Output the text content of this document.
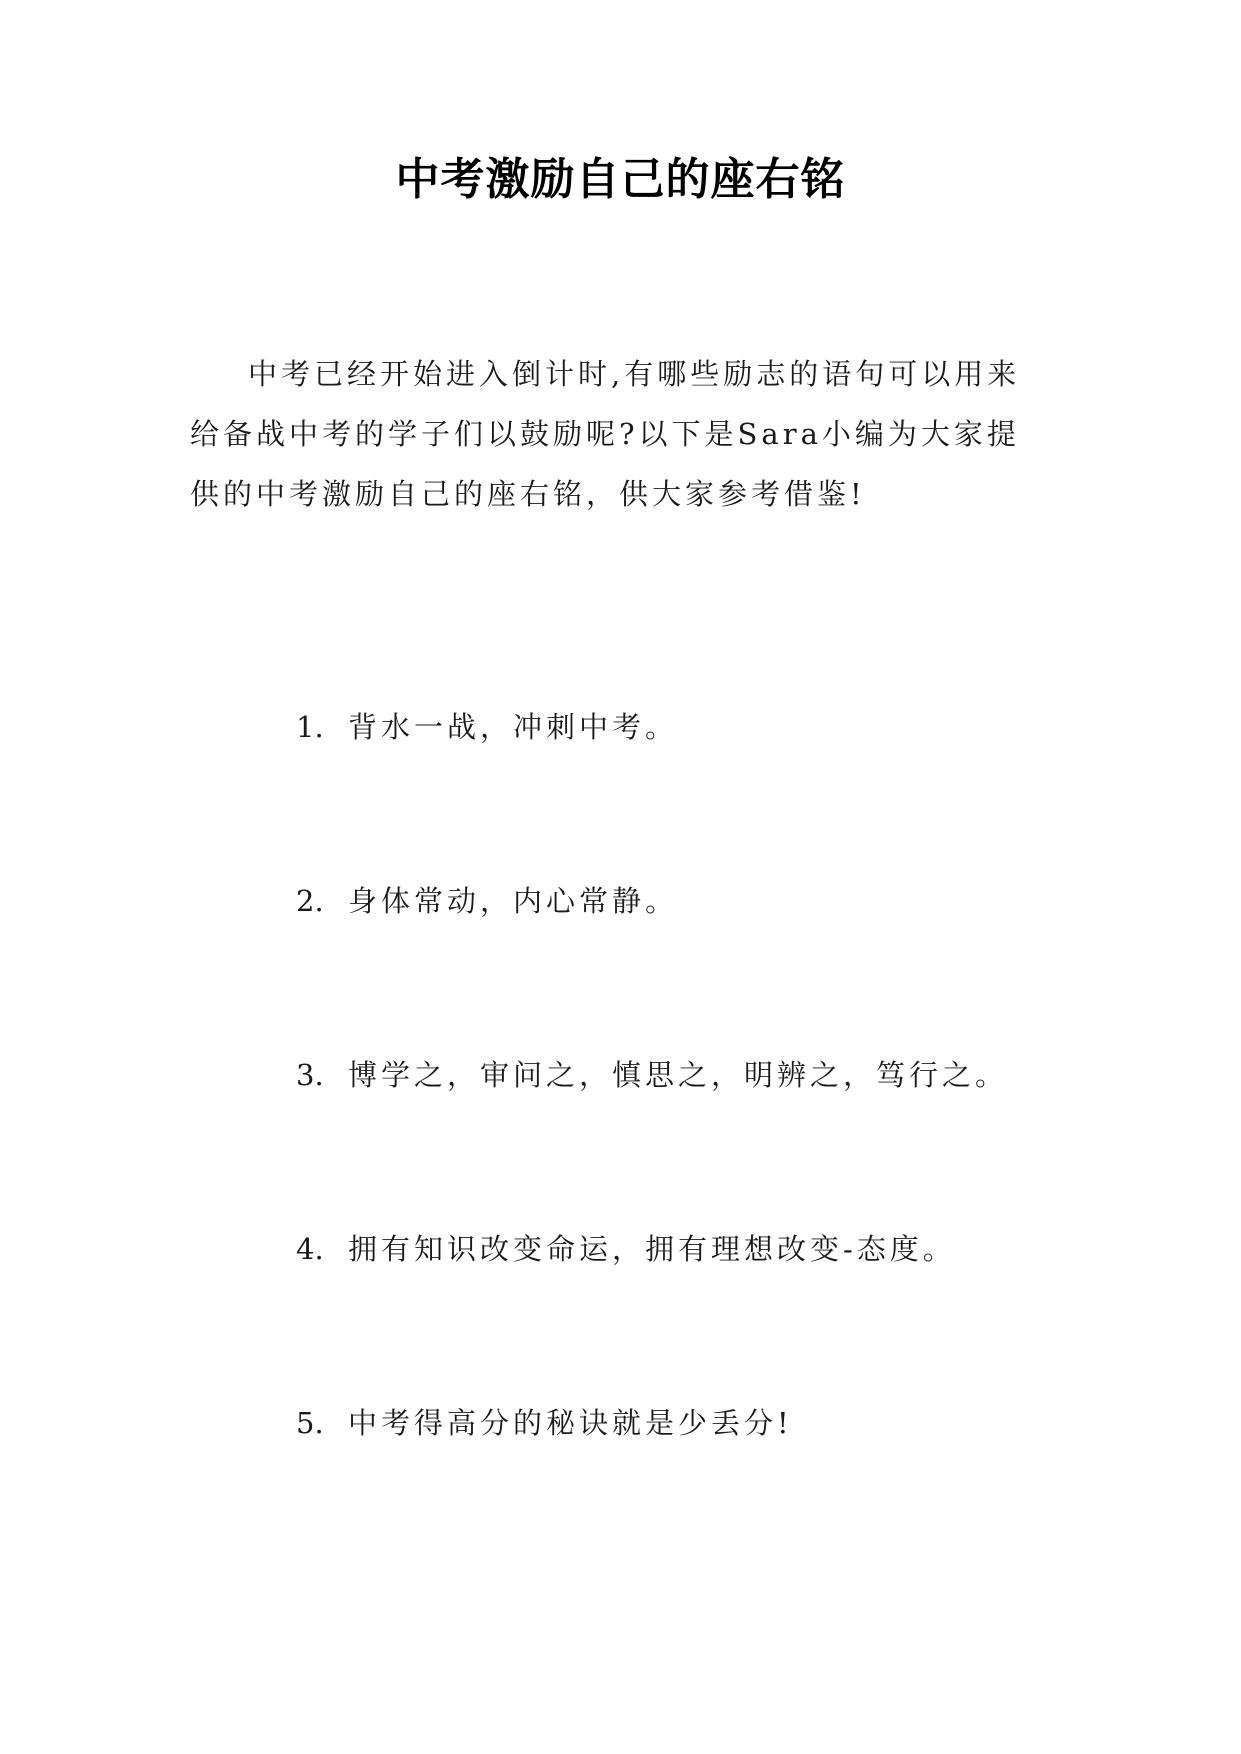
中考激励自己的座右铭

中考已经开始进入倒计时,有哪些励志的语句可以用来给备战中考的学子们以鼓励呢?以下是Sara小编为大家提供的中考激励自己的座右铭，供大家参考借鉴!

1. 背水一战，冲刺中考。
2. 身体常动，内心常静。
3. 博学之，审问之，慎思之，明辨之，笃行之。
4. 拥有知识改变命运，拥有理想改变-态度。
5. 中考得高分的秘诀就是少丢分!
